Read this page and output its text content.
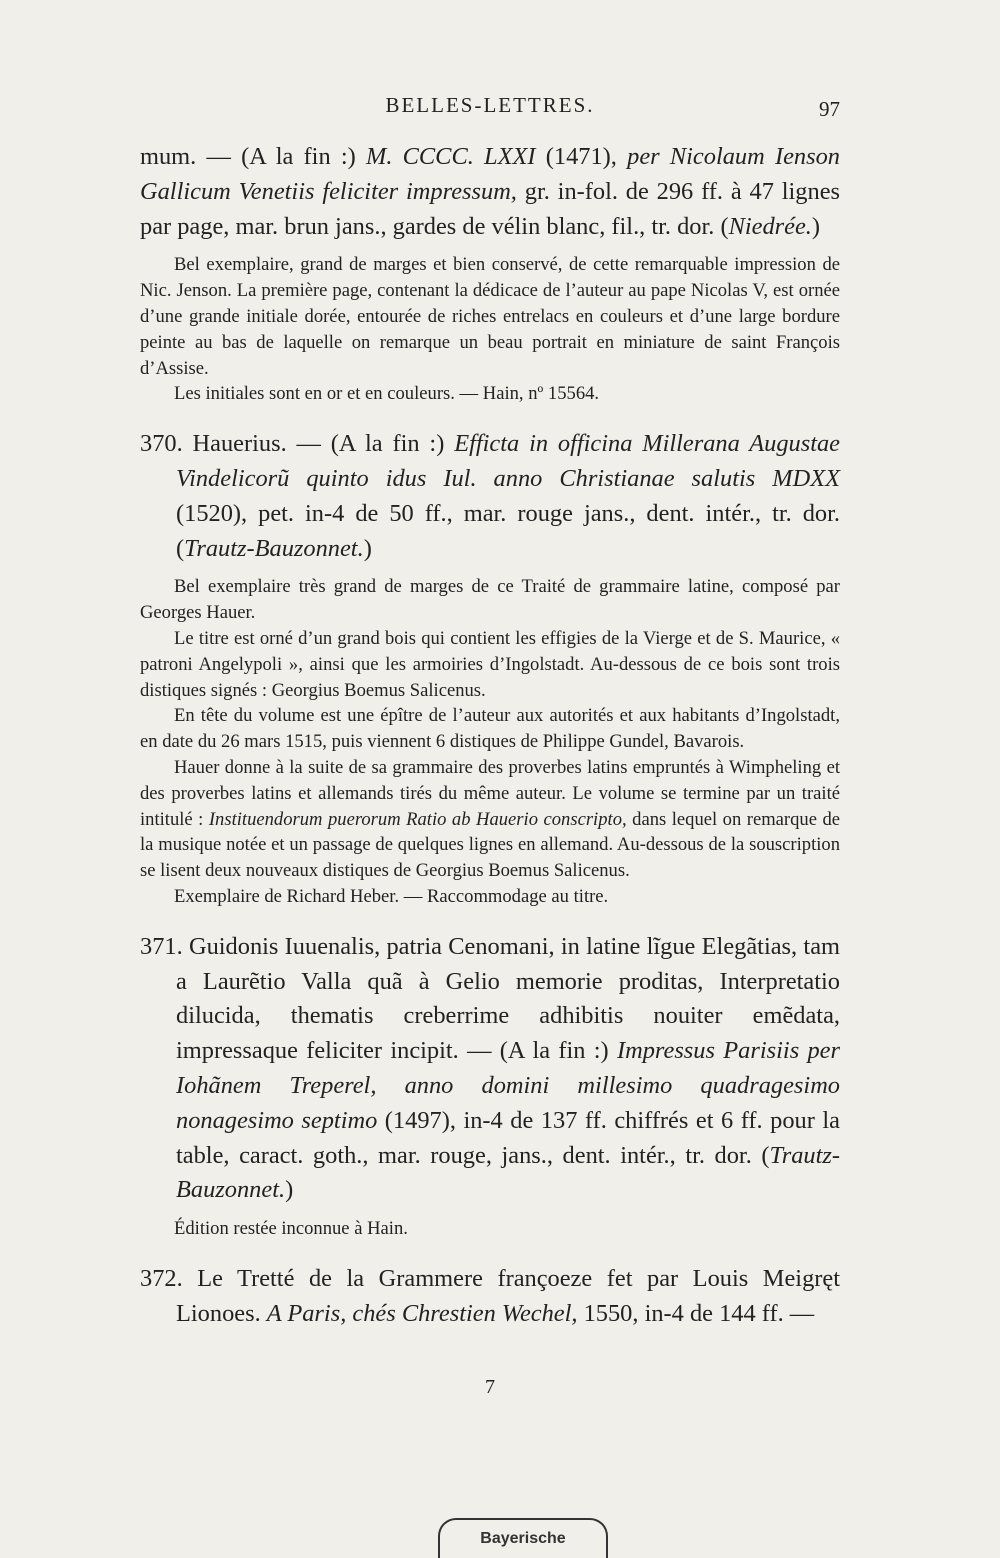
BELLES-LETTRES.	97

mum. — (A la fin :) M. CCCC. LXXI (1471), per Nicolaum Ienson Gallicum Venetiis feliciter impressum, gr. in-fol. de 296 ff. à 47 lignes par page, mar. brun jans., gardes de vélin blanc, fil., tr. dor. (Niedrée.)

Bel exemplaire, grand de marges et bien conservé, de cette remarquable impression de Nic. Jenson. La première page, contenant la dédicace de l’auteur au pape Nicolas V, est ornée d’une grande initiale dorée, entourée de riches entrelacs en couleurs et d’une large bordure peinte au bas de laquelle on remarque un beau portrait en miniature de saint François d’Assise.

Les initiales sont en or et en couleurs. — Hain, nº 15564.

370. Hauerius. — (A la fin :) Efficta in officina Millerana Augustae Vindelicorũ quinto idus Iul. anno Christianae salutis MDXX (1520), pet. in-4 de 50 ff., mar. rouge jans., dent. intér., tr. dor. (Trautz-Bauzonnet.)

Bel exemplaire très grand de marges de ce Traité de grammaire latine, composé par Georges Hauer.

Le titre est orné d’un grand bois qui contient les effigies de la Vierge et de S. Maurice, « patroni Angelypoli », ainsi que les armoiries d’Ingolstadt. Au-dessous de ce bois sont trois distiques signés : Georgius Boemus Salicenus.

En tête du volume est une épître de l’auteur aux autorités et aux habitants d’Ingolstadt, en date du 26 mars 1515, puis viennent 6 distiques de Philippe Gundel, Bavarois.

Hauer donne à la suite de sa grammaire des proverbes latins empruntés à Wimpheling et des proverbes latins et allemands tirés du même auteur. Le volume se termine par un traité intitulé : Instituendorum puerorum Ratio ab Hauerio conscripto, dans lequel on remarque de la musique notée et un passage de quelques lignes en allemand. Au-dessous de la souscription se lisent deux nouveaux distiques de Georgius Boemus Salicenus.

Exemplaire de Richard Heber. — Raccommodage au titre.

371. Guidonis Iuuenalis, patria Cenomani, in latine lĩgue Elegãtias, tam a Laurẽtio Valla quã à Gelio memorie proditas, Interpretatio dilucida, thematis creberrime adhibitis nouiter emẽdata, impressaque feliciter incipit. — (A la fin :) Impressus Parisiis per Iohãnem Treperel, anno domini millesimo quadragesimo nonagesimo septimo (1497), in-4 de 137 ff. chiffrés et 6 ff. pour la table, caract. goth., mar. rouge, jans., dent. intér., tr. dor. (Trautz-Bauzonnet.)

Édition restée inconnue à Hain.

372. Le Tretté de la Grammere françoeze fet par Louis Meigręt Lionoes. A Paris, chés Chrestien Wechel, 1550, in-4 de 144 ff. —

7
Bayerische
